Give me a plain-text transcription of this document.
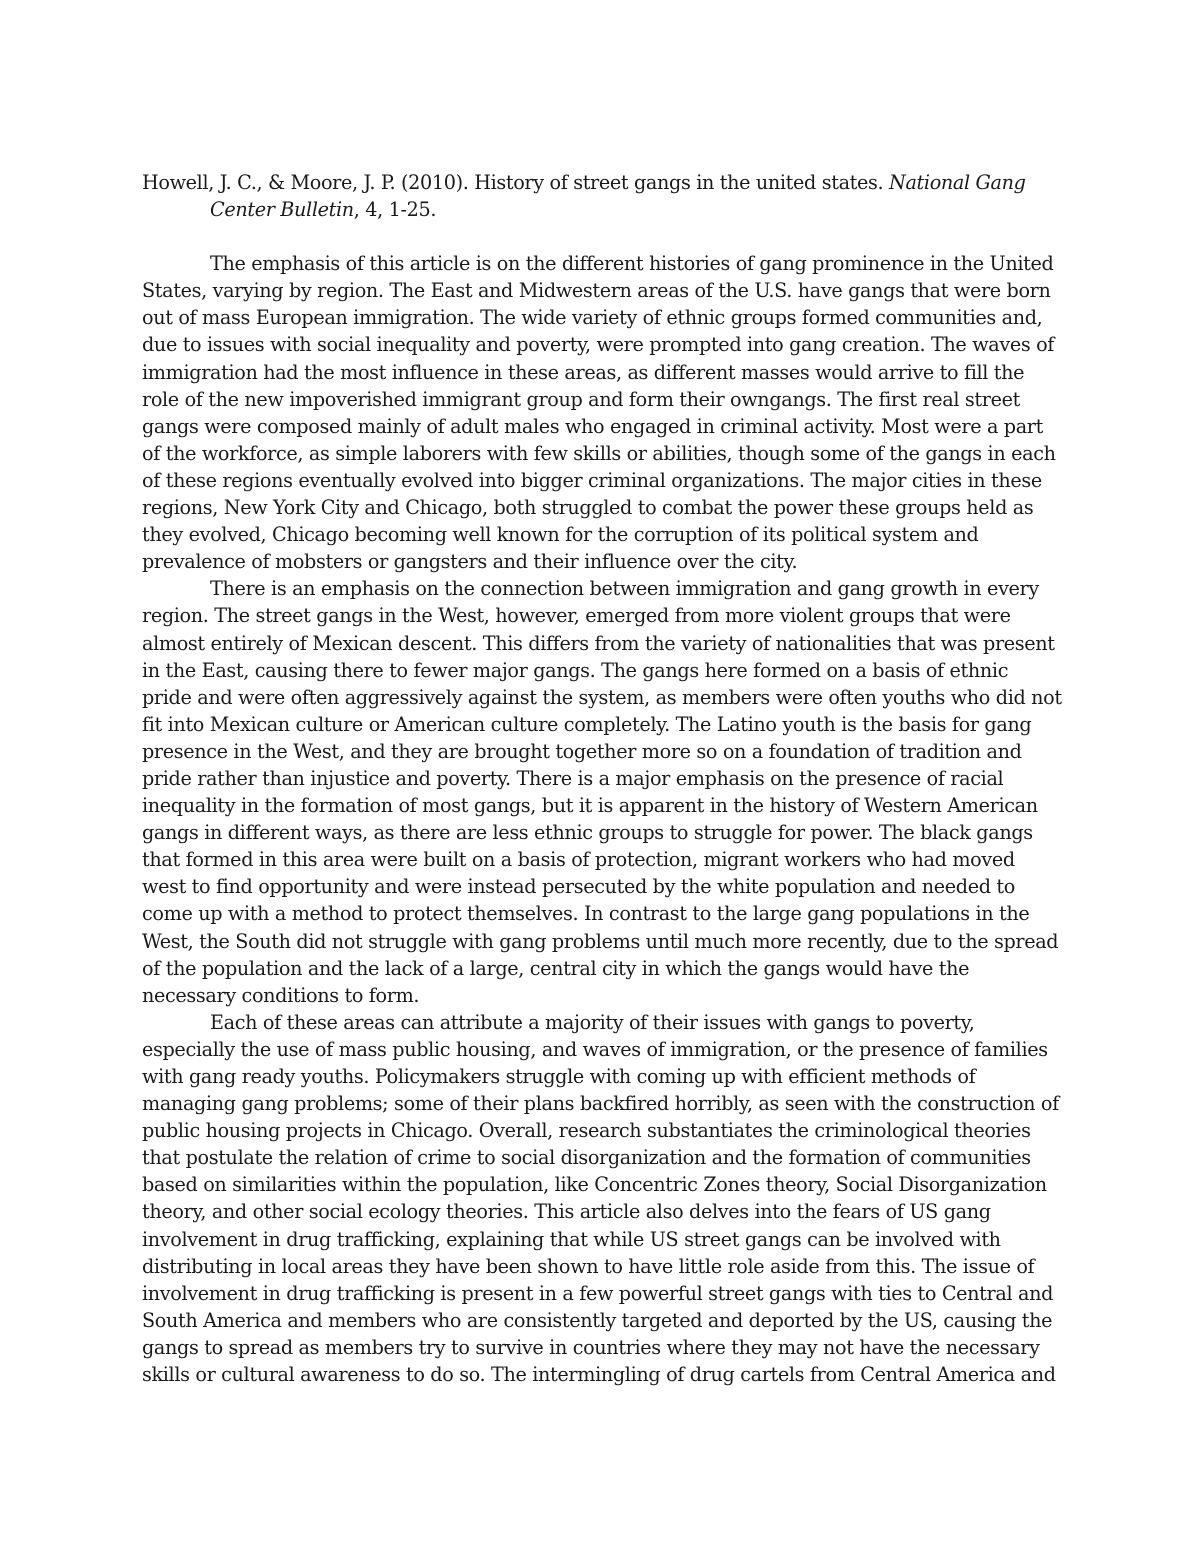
Howell, J. C., & Moore, J. P. (2010). History of street gangs in the united states. National Gang Center Bulletin, 4, 1-25.

The emphasis of this article is on the different histories of gang prominence in the United States, varying by region. The East and Midwestern areas of the U.S. have gangs that were born out of mass European immigration. The wide variety of ethnic groups formed communities and, due to issues with social inequality and poverty, were prompted into gang creation. The waves of immigration had the most influence in these areas, as different masses would arrive to fill the role of the new impoverished immigrant group and form their owngangs. The first real street gangs were composed mainly of adult males who engaged in criminal activity. Most were a part of the workforce, as simple laborers with few skills or abilities, though some of the gangs in each of these regions eventually evolved into bigger criminal organizations. The major cities in these regions, New York City and Chicago, both struggled to combat the power these groups held as they evolved, Chicago becoming well known for the corruption of its political system and prevalence of mobsters or gangsters and their influence over the city.

There is an emphasis on the connection between immigration and gang growth in every region. The street gangs in the West, however, emerged from more violent groups that were almost entirely of Mexican descent. This differs from the variety of nationalities that was present in the East, causing there to fewer major gangs. The gangs here formed on a basis of ethnic pride and were often aggressively against the system, as members were often youths who did not fit into Mexican culture or American culture completely. The Latino youth is the basis for gang presence in the West, and they are brought together more so on a foundation of tradition and pride rather than injustice and poverty. There is a major emphasis on the presence of racial inequality in the formation of most gangs, but it is apparent in the history of Western American gangs in different ways, as there are less ethnic groups to struggle for power. The black gangs that formed in this area were built on a basis of protection, migrant workers who had moved west to find opportunity and were instead persecuted by the white population and needed to come up with a method to protect themselves. In contrast to the large gang populations in the West, the South did not struggle with gang problems until much more recently, due to the spread of the population and the lack of a large, central city in which the gangs would have the necessary conditions to form.

Each of these areas can attribute a majority of their issues with gangs to poverty, especially the use of mass public housing, and waves of immigration, or the presence of families with gang ready youths. Policymakers struggle with coming up with efficient methods of managing gang problems; some of their plans backfired horribly, as seen with the construction of public housing projects in Chicago. Overall, research substantiates the criminological theories that postulate the relation of crime to social disorganization and the formation of communities based on similarities within the population, like Concentric Zones theory, Social Disorganization theory, and other social ecology theories. This article also delves into the fears of US gang involvement in drug trafficking, explaining that while US street gangs can be involved with distributing in local areas they have been shown to have little role aside from this. The issue of involvement in drug trafficking is present in a few powerful street gangs with ties to Central and South America and members who are consistently targeted and deported by the US, causing the gangs to spread as members try to survive in countries where they may not have the necessary skills or cultural awareness to do so. The intermingling of drug cartels from Central America and
